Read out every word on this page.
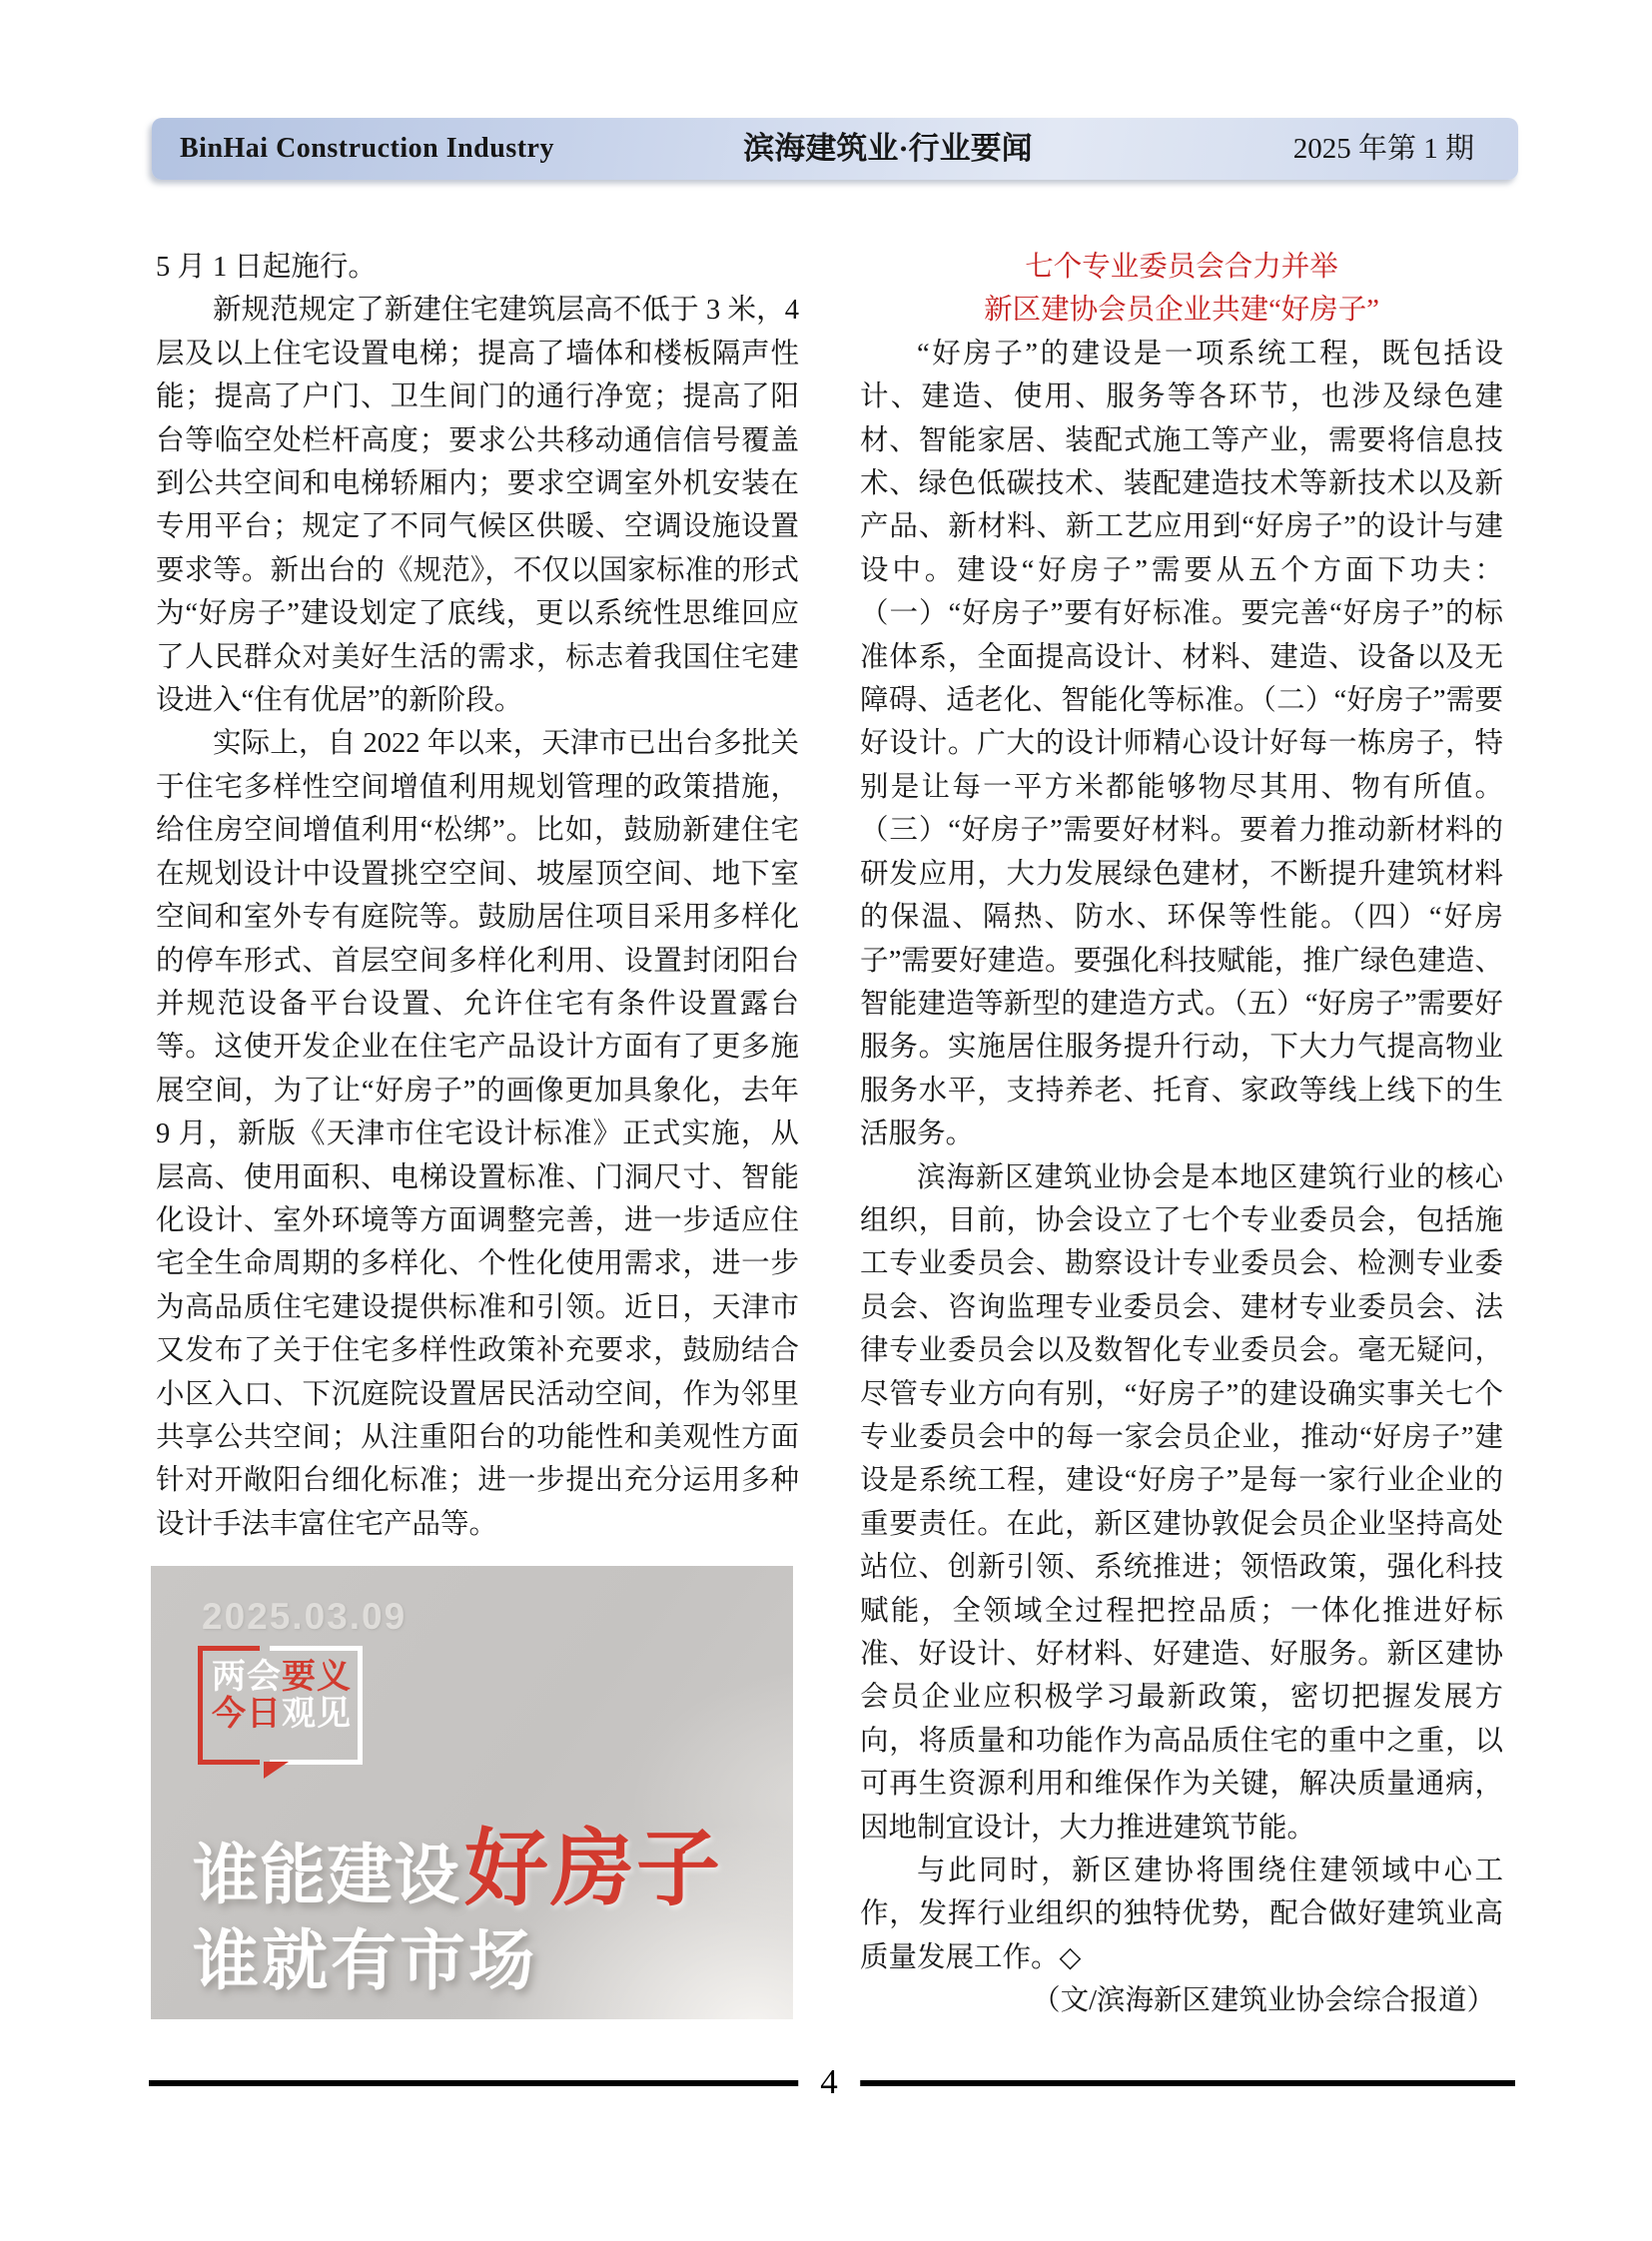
BinHai Construction Industry	滨海建筑业·行业要闻	2025 年第 1 期

5 月 1 日起施行。

新规范规定了新建住宅建筑层高不低于 3 米，4 层及以上住宅设置电梯；提高了墙体和楼板隔声性能；提高了户门、卫生间门的通行净宽；提高了阳台等临空处栏杆高度；要求公共移动通信信号覆盖到公共空间和电梯轿厢内；要求空调室外机安装在专用平台；规定了不同气候区供暖、空调设施设置要求等。新出台的《规范》，不仅以国家标准的形式为“好房子”建设划定了底线，更以系统性思维回应了人民群众对美好生活的需求，标志着我国住宅建设进入“住有优居”的新阶段。

实际上，自 2022 年以来，天津市已出台多批关于住宅多样性空间增值利用规划管理的政策措施，给住房空间增值利用“松绑”。比如，鼓励新建住宅在规划设计中设置挑空空间、坡屋顶空间、地下室空间和室外专有庭院等。鼓励居住项目采用多样化的停车形式、首层空间多样化利用、设置封闭阳台并规范设备平台设置、允许住宅有条件设置露台等。这使开发企业在住宅产品设计方面有了更多施展空间，为了让“好房子”的画像更加具象化，去年 9 月，新版《天津市住宅设计标准》正式实施，从层高、使用面积、电梯设置标准、门洞尺寸、智能化设计、室外环境等方面调整完善，进一步适应住宅全生命周期的多样化、个性化使用需求，进一步为高品质住宅建设提供标准和引领。近日，天津市又发布了关于住宅多样性政策补充要求，鼓励结合小区入口、下沉庭院设置居民活动空间，作为邻里共享公共空间；从注重阳台的功能性和美观性方面针对开敞阳台细化标准；进一步提出充分运用多种设计手法丰富住宅产品等。

2025.03.09
两会要义
今日观见
谁能建设 好房子
谁就有市场
七个专业委员会合力并举
新区建协会员企业共建“好房子”

“好房子”的建设是一项系统工程，既包括设计、建造、使用、服务等各环节，也涉及绿色建材、智能家居、装配式施工等产业，需要将信息技术、绿色低碳技术、装配建造技术等新技术以及新产品、新材料、新工艺应用到“好房子”的设计与建设中。建设“好房子”需要从五个方面下功夫：（一）“好房子”要有好标准。要完善“好房子”的标准体系，全面提高设计、材料、建造、设备以及无障碍、适老化、智能化等标准。（二）“好房子”需要好设计。广大的设计师精心设计好每一栋房子，特别是让每一平方米都能够物尽其用、物有所值。（三）“好房子”需要好材料。要着力推动新材料的研发应用，大力发展绿色建材，不断提升建筑材料的保温、隔热、防水、环保等性能。（四）“好房子”需要好建造。要强化科技赋能，推广绿色建造、智能建造等新型的建造方式。（五）“好房子”需要好服务。实施居住服务提升行动，下大力气提高物业服务水平，支持养老、托育、家政等线上线下的生活服务。

滨海新区建筑业协会是本地区建筑行业的核心组织，目前，协会设立了七个专业委员会，包括施工专业委员会、勘察设计专业委员会、检测专业委员会、咨询监理专业委员会、建材专业委员会、法律专业委员会以及数智化专业委员会。毫无疑问，尽管专业方向有别，“好房子”的建设确实事关七个专业委员会中的每一家会员企业，推动“好房子”建设是系统工程，建设“好房子”是每一家行业企业的重要责任。在此，新区建协敦促会员企业坚持高处站位、创新引领、系统推进；领悟政策，强化科技赋能，全领域全过程把控品质；一体化推进好标准、好设计、好材料、好建造、好服务。新区建协会员企业应积极学习最新政策，密切把握发展方向，将质量和功能作为高品质住宅的重中之重，以可再生资源利用和维保作为关键，解决质量通病，因地制宜设计，大力推进建筑节能。

与此同时，新区建协将围绕住建领域中心工作，发挥行业组织的独特优势，配合做好建筑业高质量发展工作。◇

（文/滨海新区建筑业协会综合报道）

4
